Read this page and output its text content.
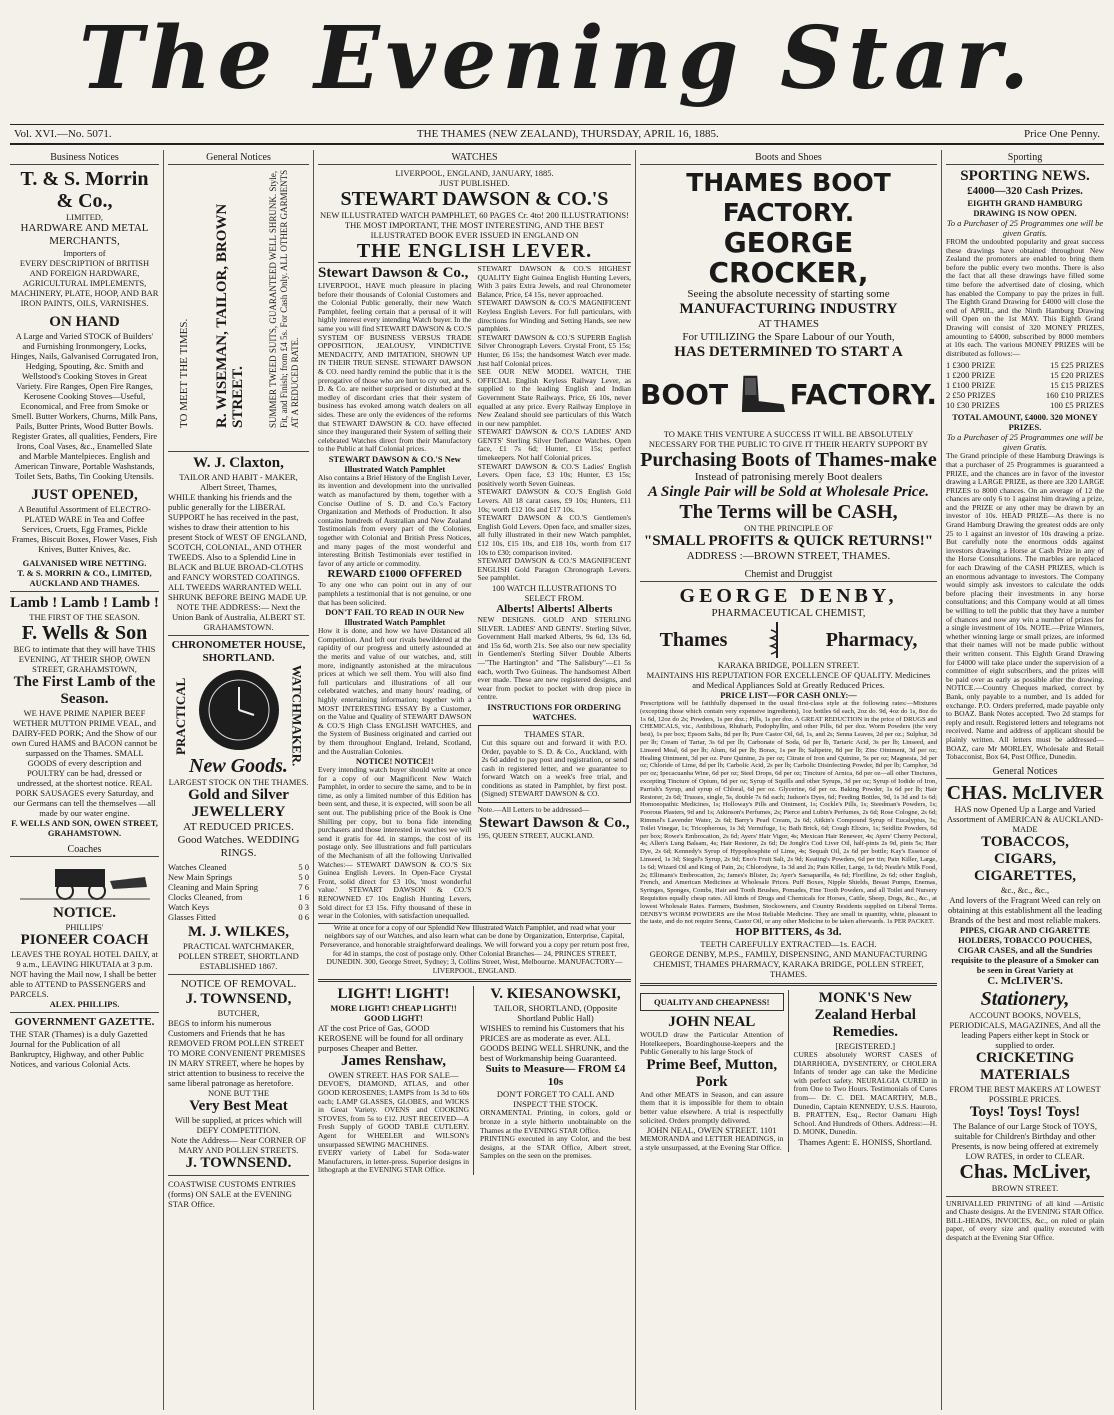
The Evening Star.
Vol. XVI.—No. 5071.	THE THAMES (NEW ZEALAND), THURSDAY, APRIL 16, 1885.	Price One Penny.
Business Notices
T. & S. Morrin & Co.,
LIMITED,
HARDWARE AND METAL MERCHANTS,
Importers of
EVERY DESCRIPTION of BRITISH AND FOREIGN HARDWARE, AGRICULTURAL IMPLEMENTS, MACHINERY, PLATE, HOOP, AND BAR IRON PAINTS, OILS, VARNISHES.
ON HAND
A Large and Varied STOCK of Builders' and Furnishing Ironmongery, Locks, Hinges, Nails, Galvanised Corrugated Iron, Hedging, Spouting, &c. Smith and Wellstood's Cooking Stoves in Great Variety. Fire Ranges, Open Fire Ranges, Kerosene Cooking Stoves—Useful, Economical, and Free from Smoke or Smell. Butter Workers, Churns, Milk Pans, Pails, Butter Prints, Wood Butter Bowls. Register Grates, all qualities, Fenders, Fire Irons, Coal Vases, &c., Enamelled Slate and Marble Mantelpieces. English and American Tinware, Portable Washstands, Toilet Sets, Baths, Tin Cooking Utensils.
JUST OPENED,
A Beautiful Assortment of ELECTRO-PLATED WARE in Tea and Coffee Services, Cruets, Egg Frames, Pickle Frames, Biscuit Boxes, Flower Vases, Fish Knives, Butter Knives, &c.
GALVANISED WIRE NETTING.
T. & S. MORRIN & CO., LIMITED, AUCKLAND AND THAMES.
Lamb ! Lamb ! Lamb !
THE FIRST OF THE SEASON.
F. Wells & Son
BEG to intimate that they will have THIS EVENING, AT THEIR SHOP, OWEN STREET, GRAHAMSTOWN,
The First Lamb of the Season.
WE HAVE PRIME NAPIER BEEF WETHER MUTTON PRIME VEAL, and DAIRY-FED PORK; And the Show of our own Cured HAMS and BACON cannot be surpassed on the Thames. SMALL GOODS of every description and POULTRY can be had, dressed or undressed, at the shortest notice. REAL PORK SAUSAGES every Saturday, and our Germans can tell the themselves —all made by our water engine.
F. WELLS AND SON, OWEN STREET, GRAHAMSTOWN.
Coaches
NOTICE.
PHILLIPS'
PIONEER COACH
LEAVES THE ROYAL HOTEL DAILY, at 9 a.m., LEAVING HIKUTAIA at 3 p.m.
NOT having the Mail now, I shall be better able to ATTEND to PASSENGERS and PARCELS.
ALEX. PHILLIPS.
GOVERNMENT GAZETTE.
THE STAR (Thames) is a duly Gazetted Journal for the Publication of all Bankruptcy, Highway, and other Public Notices, and various Colonial Acts.
General Notices
TO MEET THE TIMES. R. WISEMAN, TAILOR, BROWN STREET. SUMMER TWEED SUITS, GUARANTEED WELL SHRUNK. Style, Fit, and Finish; from £4 5s. For Cash Only. ALL OTHER GARMENTS AT A REDUCED RATE.
W. J. Claxton,
TAILOR AND HABIT - MAKER, Albert Street, Thames,
WHILE thanking his friends and the public generally for the LIBERAL SUPPORT he has received in the past, wishes to draw their attention to his present Stock of WEST OF ENGLAND, SCOTCH, COLONIAL, AND OTHER TWEEDS. Also to a Splendid Line in BLACK and BLUE BROAD-CLOTHS and FANCY WORSTED COATINGS. ALL TWEEDS WARRANTED WELL SHRUNK BEFORE BEING MADE UP.
NOTE THE ADDRESS:— Next the Union Bank of Australia, ALBERT ST. GRAHAMSTOWN.
CHRONOMETER HOUSE, SHORTLAND.
PRACTICAL	WATCHMAKER.
New Goods.
LARGEST STOCK ON THE THAMES.
Gold and Silver JEWELLERY
AT REDUCED PRICES.
Good Watches. WEDDING RINGS.
Watches Cleaned	5 0
New Main Springs	5 0
Cleaning and Main Spring	7 6
Clocks Cleaned, from	1 6
Watch Keys	0 3
Glasses Fitted	0 6
M. J. WILKES,
PRACTICAL WATCHMAKER, POLLEN STREET, SHORTLAND ESTABLISHED 1867.
NOTICE OF REMOVAL.
J. TOWNSEND,
BUTCHER,
BEGS to inform his numerous Customers and Friends that he has REMOVED FROM POLLEN STREET TO MORE CONVENIENT PREMISES IN MARY STREET, where he hopes by strict attention to business to receive the same liberal patronage as heretofore.
NONE BUT THE
Very Best Meat
Will be supplied, at prices which will DEFY COMPETITION.
Note the Address— Near CORNER OF MARY AND POLLEN STREETS.
J. TOWNSEND.
COASTWISE CUSTOMS ENTRIES (forms) ON SALE at the EVENING STAR Office.
WATCHES
LIVERPOOL, ENGLAND, JANUARY, 1885.
JUST PUBLISHED.
STEWART DAWSON & CO.'S
NEW ILLUSTRATED WATCH PAMPHLET, 60 PAGES Cr. 4to! 200 ILLUSTRATIONS! THE MOST IMPORTANT, THE MOST INTERESTING, AND THE BEST ILLUSTRATED BOOK EVER ISSUED IN ENGLAND ON
THE ENGLISH LEVER.
Stewart Dawson & Co.,
LIVERPOOL, HAVE much pleasure in placing before their thousands of Colonial Customers and the Colonial Public generally, their new Watch Pamphlet, feeling certain that a perusal of it will highly interest every intending Watch buyer. In the same you will find STEWART DAWSON & CO.'S SYSTEM OF BUSINESS VERSUS TRADE OPPOSITION, JEALOUSY, VINDICTIVE MENDACITY, AND IMITATION, SHOWN UP IN THEIR TRUE SENSE. STEWART DAWSON & CO. need hardly remind the public that it is the prerogative of those who are hurt to cry out, and S. D. & Co. are neither surprised or disturbed at the medley of discordant cries that their system of business has evoked among watch dealers on all sides. These are only the evidences of the reforms that STEWART DAWSON & CO. have effected since they inaugurated their System of selling their celebrated Watches direct from their Manufactory to the Public at half Colonial prices.
STEWART DAWSON & CO.'S New Illustrated Watch Pamphlet
Also contains a Brief History of the English Lever, its invention and development into the unrivalled watch as manufactured by them, together with a Concise Outline of S. D. and Co.'s Factory Organization and Methods of Production. It also contains hundreds of Australian and New Zealand Testimonials from every part of the Colonies, together with Colonial and British Press Notices, and many pages of the most wonderful and interesting British Testimonials ever testified in favor of any article or commodity.
REWARD £1000 OFFERED
To any one who can point out in any of our pamphlets a testimonial that is not genuine, or one that has been solicited.
DON'T FAIL TO READ IN OUR New Illustrated Watch Pamphlet
How it is done, and how we have Distanced all Competition. And left our rivals bewildered at the rapidity of our progress and utterly astounded at the merits and value of our watches, and, still more, indignantly astonished at the miraculous prices at which we sell them. You will also find full particulars and illustrations of all our celebrated watches, and many hours' reading, of highly entertaining information; together with a MOST INTERESTING ESSAY By a Customer, on the Value and Quality of STEWART DAWSON & CO.'S High Class ENGLISH WATCHES, and the System of Business originated and carried out by them throughout England, Ireland, Scotland, and the Australian Colonies.
NOTICE! NOTICE!!
Every intending watch buyer should write at once for a copy of our Magnificent New Watch Pamphlet, in order to secure the same, and to be in time, as only a limited number of this Edition has been sent, and these, it is expected, will soon be all sent out. The publishing price of the Book is One Shilling per copy, but to bona fide intending purchasers and those interested in watches we will send it gratis for 4d. in stamps, the cost of its postage only. See illustrations and full particulars of the Mechanism of all the following Unrivalled Watches:— STEWART DAWSON & CO.'S Six Guinea English Levers. In Open-Face Crystal Front, solid direct for £3 10s, 'most wonderful value.' STEWART DAWSON & CO.'S RENOWNED £7 10s English Hunting Levers, Sold direct for £3 15s. Fifty thousand of these in wear in the Colonies, with satisfaction unequalled.
STEWART DAWSON & CO.'S HIGHEST QUALITY Eight Guinea English Hunting Levers, With 3 pairs Extra Jewels, and real Chronometer Balance, Price, £4 15s, never approached.
STEWART DAWSON & CO.'S MAGNIFICENT Keyless English Levers. For full particulars, with directions for Winding and Setting Hands, see new pamphlets.
STEWART DAWSON & CO.'S SUPERB English Silver Chronograph Levers. Crystal Front, £5 15s; Hunter, £6 15s; the handsomest Watch ever made. Just half Colonial prices.
SEE OUR NEW MODEL WATCH, THE OFFICIAL English Keyless Railway Lever, as supplied to the leading English and Indian Government State Railways. Price, £6 10s, never equalled at any price. Every Railway Employe in New Zealand should see particulars of this Watch in our new pamphlet.
STEWART DAWSON & CO.'S LADIES' AND GENTS' Sterling Silver Defiance Watches. Open face, £1 7s 6d; Hunter, £1 15s; perfect timekeepers. Not half Colonial prices.
STEWART DAWSON & CO.'S Ladies' English Levers. Open face, £3 10s; Hunter, £3 15s; positively worth Seven Guineas.
STEWART DAWSON & CO.'S English Gold Levers. All 18 carat cases, £9 10s; Hunters, £11 10s; worth £12 10s and £17 10s.
STEWART DAWSON & CO.'S Gentlemen's English Gold Levers. Open face, and smaller sizes, all fully illustrated in their new Watch pamphlet, £12 10s, £15 10s, and £18 10s, worth from £17 10s to £30; comparison invited.
STEWART DAWSON & CO.'S MAGNIFICENT ENGLISH Gold Paragon Chronograph Levers. See pamphlet.
100 WATCH ILLUSTRATIONS TO SELECT FROM.
Alberts! Alberts! Alberts
NEW DESIGNS. GOLD AND STERLING SILVER. LADIES' AND GENTS'. Sterling Silver, Government Hall marked Alberts, 9s 6d, 13s 6d, and 15s 6d, worth 21s. See also our new speciality in Gentlemen's Sterling Silver Double Alberts—"The Hartington" and "The Salisbury"—£1 5s each, worth Two Guineas. The handsomest Albert ever made. These are new registered designs, and wear from pocket to pocket with drop piece in centre.
INSTRUCTIONS FOR ORDERING WATCHES.
THAMES STAR.
Cut this square out and forward it with P.O. Order, payable to S. D. & Co., Auckland, with 2s 6d added to pay post and registration, or send cash in registered letter, and we guarantee to forward Watch on a week's free trial, and conditions as stated in Pamphlet, by first post. (Signed) STEWART DAWSON & CO.
Note.—All Letters to be addressed—
Stewart Dawson & Co.,
195, QUEEN STREET, AUCKLAND.
Write at once for a copy of our Splendid New Illustrated Watch Pamphlet, and read what your neighbors say of our Watches, and also learn what can be done by Organization, Enterprise, Capital, Perseverance, and honorable straightforward dealings. We will forward you a copy per return post free, for 4d in stamps, the cost of postage only. Other Colonial Branches— 24, PRINCES STREET, DUNEDIN. 300, George Street, Sydney; 3, Collins Street, West, Melbourne. MANUFACTORY—LIVERPOOL, ENGLAND.
LIGHT! LIGHT!
MORE LIGHT! CHEAP LIGHT!! GOOD LIGHT!
AT the cost Price of Gas, GOOD KEROSENE will be found for all ordinary purposes Cheaper and Better.
James Renshaw,
OWEN STREET. HAS FOR SALE—
DEVOE'S, DIAMOND, ATLAS, and other GOOD KEROSENES; LAMPS from 1s 3d to 60s each; LAMP GLASSES, GLOBES, and WICKS in Great Variety. OVENS and COOKING STOVES, from 5s to £12. JUST RECEIVED—A Fresh Supply of GOOD TABLE CUTLERY. Agent for WHEELER and WILSON's unsurpassed SEWING MACHINES.
EVERY variety of Label for Soda-water Manufacturers, in letter-press. Superior designs in lithograph at the EVENING STAR Office.
V. KIESANOWSKI,
TAILOR, SHORTLAND, (Opposite Shortland Public Hall)
WISHES to remind his Customers that his PRICES are as moderate as ever. ALL GOODS BEING WELL SHRUNK, and the best of Workmanship being Guaranteed.
Suits to Measure— FROM £4 10s
DON'T FORGET TO CALL AND INSPECT THE STOCK.
ORNAMENTAL Printing, in colors, gold or bronze in a style hitherto unobtainable on the Thames at the EVENING STAR Office.
PRINTING executed in any Color, and the best designs, at the STAR Office, Albert street, Samples on the seen on the premises.
Boots and Shoes
THAMES BOOT FACTORY.
GEORGE CROCKER,
Seeing the absolute necessity of starting some
MANUFACTURING INDUSTRY
AT THAMES
For UTILIZING the Spare Labour of our Youth,
HAS DETERMINED TO START A
BOOT FACTORY.
TO MAKE THIS VENTURE A SUCCESS IT WILL BE ABSOLUTELY NECESSARY FOR THE PUBLIC TO GIVE IT THEIR HEARTY SUPPORT BY
Purchasing Boots of Thames-make
Instead of patronising merely Boot dealers
A Single Pair will be Sold at Wholesale Price.
The Terms will be CASH,
ON THE PRINCIPLE OF
"SMALL PROFITS & QUICK RETURNS!"
ADDRESS :—BROWN STREET, THAMES.
Chemist and Druggist
GEORGE DENBY,
PHARMACEUTICAL CHEMIST,
Thames	Pharmacy,
KARAKA BRIDGE, POLLEN STREET.
MAINTAINS HIS REPUTATION FOR EXCELLENCE OF QUALITY. Medicines and Medical Appliances Sold at Greatly Reduced Prices.
PRICE LIST—FOR CASH ONLY:—
Prescriptions will be faithfully dispensed in the usual first-class style at the following rates:—Mixtures (excepting those which contain very expensive ingredients), 1oz bottles 6d each, 2oz do. 9d, 4oz do 1s, 8oz do 1s 6d, 12oz do 2s; Powders, 1s per doz.; Pills, 1s per doz. A GREAT REDUCTION in the price of DRUGS and CHEMICALS, viz., Antibilious, Rhubarb, Podophyllin, and other Pills, 6d per doz. Worm Powders (the very best), 1s per box; Epsom Salts, 8d per lb; Pure Castor Oil, 6d, 1s, and 2s; Senna Leaves, 2d per oz.; Sulphur, 3d per lb; Cream of Tartar, 3s 6d per lb; Carbonate of Soda, 6d per lb, Tartaric Acid, 3s per lb; Linseed, and Linseed Meal, 6d per lb; Alum, 6d per lb; Borax, 1s per lb; Saltpetre, 8d per lb; Zinc Ointment, 3d per oz; Healing Ointment, 3d per oz. Pure Quinine, 2s per oz; Citrate of Iron and Quinine, 5s per oz; Magnesia, 3d per oz; Chloride of Lime, 8d per lb; Carbolic Acid, 2s per lb; Carbolic Disinfecting Powder, 8d per lb; Camphor, 3d per oz; Ipecacuanha Wine, 6d per oz; Steel Drops, 6d per oz; Tincture of Arnica, 6d per oz—all other Tinctures, excepting Tincture of Opium, 6d per oz; Syrup of Squills and other Syrups, 3d per oz; Syrup of Iodide of Iron, Parrish's Syrup, and syrup of Chloral, 6d per oz. Glycerine, 6d per oz. Baking Powder, 1s 6d per lb; Hair Restorer, 2s 6d; Trusses, single, 5s, double 7s 6d each; Judson's Dyes, 6d; Feeding Bottles, 9d, 1s 3d and 1s 6d; Homoeopathic Medicines, 1s; Holloway's Pills and Ointment, 1s; Cockle's Pills, 1s; Steedman's Powders, 1s; Poorous Plasters, 9d and 1s; Atkinson's Perfumes, 2s; Pierce and Lubin's Perfumes, 2s 6d; Rose Cologne, 2s 6d; Rimmel's Lavender Water, 2s 6d; Barry's Pearl Cream, 2s 6d; Aitkin's Compound Syrup of Eucalyptus, 3s; Toilet Vinegar, 1s; Tricopherous, 1s 3d; Vermifuge, 1s; Bath Brick, 6d; Cough Elixirs, 1s; Seidlitz Powders, 6d per box; Rowe's Embrocation, 2s 6d; Ayers' Hair Vigor, 4s; Mexican Hair Renewer, 4s; Ayers' Cherry Pectoral, 4s; Allen's Lung Balsam, 4s; Hair Restorer, 2s 6d; De Jongh's Cod Liver Oil, half-pints 2s 9d, pints 5s; Hair Dye, 2s 6d; Kennedy's Syrup of Hypophosphite of Lime, 4s; Sequah Oil, 2s 6d per bottle; Kay's Essence of Linseed, 1s 3d; Siegel's Syrup, 2s 9d; Eno's Fruit Salt, 2s 9d; Keating's Powders, 6d per tin; Pain Killer, Large, 1s 6d; Wizard Oil and King of Pain, 2s; Chlorodyne, 1s 3d and 2s; Pain Killer, Large, 1s 6d; Nestle's Milk Food, 2s; Ellimans's Embrocation, 2s; James's Blister, 2s; Ayer's Sarsaparilla, 4s 6d; Florilline, 2s 6d; other English, French, and American Medicines at Wholesale Prices. Puff Boxes, Nipple Shields, Breast Pumps, Enemas, Syringes, Sponges, Combs, Hair and Tooth Brushes, Pomades, Fine Tooth Powders, and all Toilet and Nursery Requisites equally cheap rates. All kinds of Drugs and Chemicals for Horses, Cattle, Sheep, Dogs, &c., &c., at lowest Wholesale Rates. Farmers, Bushmen, Stockowners, and Country Residents supplied on Liberal Terms. DENBY'S WORM POWDERS are the Most Reliable Medicine. They are small in quantity, white, pleasant to the taste, and do not require Senna, Castor Oil, or any other Medicine to be taken afterwards. 1s PER PACKET.
HOP BITTERS, 4s 3d.
TEETH CAREFULLY EXTRACTED—1s. EACH.
GEORGE DENBY, M.P.S., FAMILY, DISPENSING, AND MANUFACTURING CHEMIST, THAMES PHARMACY, KARAKA BRIDGE, POLLEN STREET, THAMES.
QUALITY AND CHEAPNESS!
JOHN NEAL
WOULD draw the Particular Attention of Hotelkeepers, Boardinghouse-keepers and the Public Generally to his large Stock of
Prime Beef, Mutton, Pork
And other MEATS in Season, and can assure them that it is impossible for them to obtain better value elsewhere. A trial is respectfully solicited. Orders promptly delivered.
JOHN NEAL, OWEN STREET. 1101
MEMORANDA and LETTER HEADINGS, in a style unsurpassed, at the Evening Star Office.
MONK'S New Zealand Herbal Remedies.
[REGISTERED.]
CURES absolutely WORST CASES of DIARRHOEA, DYSENTERY, or CHOLERA Infants of tender age can take the Medicine with perfect safety. NEURALGIA CURED in from One to Two Hours. Testimonials of Cures from— Dr. C. DEL MACARTHY, M.B., Dunedin, Captain KENNEDY, U.S.S. Hauroto, B. PRATTEN, Esq., Rector Oamaru High School. And Hundreds of Others. Address:—H. D. MONK, Dunedin.
Thames Agent: E. HONISS, Shortland.
Sporting
SPORTING NEWS.
£4000—320 Cash Prizes.
EIGHTH GRAND HAMBURG DRAWING IS NOW OPEN.
To a Purchaser of 25 Programmes one will be given Gratis.
FROM the undoubted popularity and great success these drawings have obtained throughout New Zealand the promoters are enabled to bring them before the public every two months. There is also the fact that all these drawings have filled some time before the advertised date of closing, which has enabled the Company to pay the prizes in full. The Eighth Grand Drawing for £4000 will close the end of APRIL, and the Ninth Hamburg Drawing will Open on the 1st MAY. This Eighth Grand Drawing will consist of 320 MONEY PRIZES, amounting to £4000, subscribed by 8000 members at 10s each. The various MONEY PRIZES will be distributed as follows:—
1 £300 PRIZE	15 £25 PRIZES
1 £200 PRIZE	15 £20 PRIZES
1 £100 PRIZE	15 £15 PRIZES
2 £50 PRIZES	160 £10 PRIZES
10 £30 PRIZES	100 £5 PRIZES
TOTAL AMOUNT, £4000. 320 MONEY PRIZES.
To a Purchaser of 25 Programmes one will be given Gratis.
The Grand principle of these Hamburg Drawings is that a purchaser of 25 Programmes is guaranteed a PRIZE, and the chances are in favor of the investor drawing a LARGE PRIZE, as there are 320 LARGE PRIZES to 8000 chances. On an average of 12 the chances are only 6 to 1 against him drawing a prize, and the PRIZE or any other may be drawn by an investor of 10s. HEAD PRIZE—As there is no Grand Hamburg Drawing the greatest odds are only 25 to 1 against an investor of 10s drawing a prize. But carefully note the enormous odds against investors drawing a Horse at Cash Prize in any of the Horse Consultations. The marbles are replaced for each Drawing of the CASH PRIZES, which is an enormous advantage to investors. The Company would simply ask investors to calculate the odds before placing their investments in any horse consultations; and this Company would at all times be willing to tell the public that they have a number of chances and now any win a number of prizes for a single investment of 10s. NOTE.—Prize Winners, whether winning large or small prizes, are informed that their names will not be made public without their written consent. This Eighth Grand Drawing for £4000 will take place under the supervision of a committee of eight subscribers, and the prizes will be paid over as early as possible after the drawing. NOTICE.—Country Cheques marked, correct by Bank, only payable to a number, and 1s added for exchange. P.O. Orders preferred, made payable only to BOAZ. Bank Notes accepted. Two 2d stamps for reply and result. Registered letters and telegrams not received. Name and address of applicant should be plainly written. All letters must be addressed—BOAZ, care Mr MORLEY, Wholesale and Retail Tobacconist, Box 64, Post Office, Dunedin.
General Notices
CHAS. McLIVER
HAS now Opened Up a Large and Varied Assortment of AMERICAN & AUCKLAND-MADE
TOBACCOS,
CIGARS,
CIGARETTES,
&c., &c., &c.,
And lovers of the Fragrant Weed can rely on obtaining at this establishment all the leading Brands of the best and most reliable makers.
PIPES, CIGAR AND CIGARETTE HOLDERS, TOBACCO POUCHES, CIGAR CASES, and all the Sundries requisite to the pleasure of a Smoker can be seen in Great Variety at
C. McLIVER'S.
Stationery,
ACCOUNT BOOKS, NOVELS, PERIODICALS, MAGAZINES, And all the leading Papers either kept in Stock or supplied to order.
CRICKETING MATERIALS
FROM THE BEST MAKERS AT LOWEST POSSIBLE PRICES.
Toys! Toys! Toys!
The Balance of our Large Stock of TOYS, suitable for Children's Birthday and other Presents, is now being offered at extremely LOW RATES, in order to CLEAR.
Chas. McLiver,
BROWN STREET.
UNRIVALLED PRINTING of all kind —Artistic and Chaste designs. At the EVENING STAR Office.
BILL-HEADS, INVOICES, &c., on ruled or plain paper, of every size and quality executed with despatch at the Evening Star Office.
